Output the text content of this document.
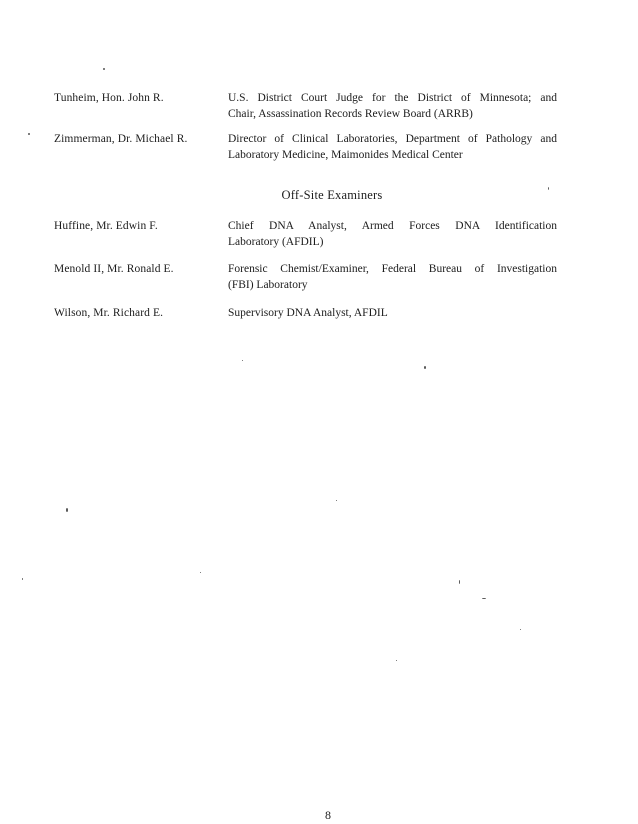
Tunheim, Hon. John R.	U.S. District Court Judge for the District of Minnesota; and
Chair, Assassination Records Review Board (ARRB)
Zimmerman, Dr. Michael R.	Director of Clinical Laboratories, Department of Pathology and
Laboratory Medicine, Maimonides Medical Center
Off-Site Examiners
Huffine, Mr. Edwin F.	Chief DNA Analyst, Armed Forces DNA Identification
Laboratory (AFDIL)
Menold II, Mr. Ronald E.	Forensic Chemist/Examiner, Federal Bureau of Investigation
(FBI) Laboratory
Wilson, Mr. Richard E.	Supervisory DNA Analyst, AFDIL
8
